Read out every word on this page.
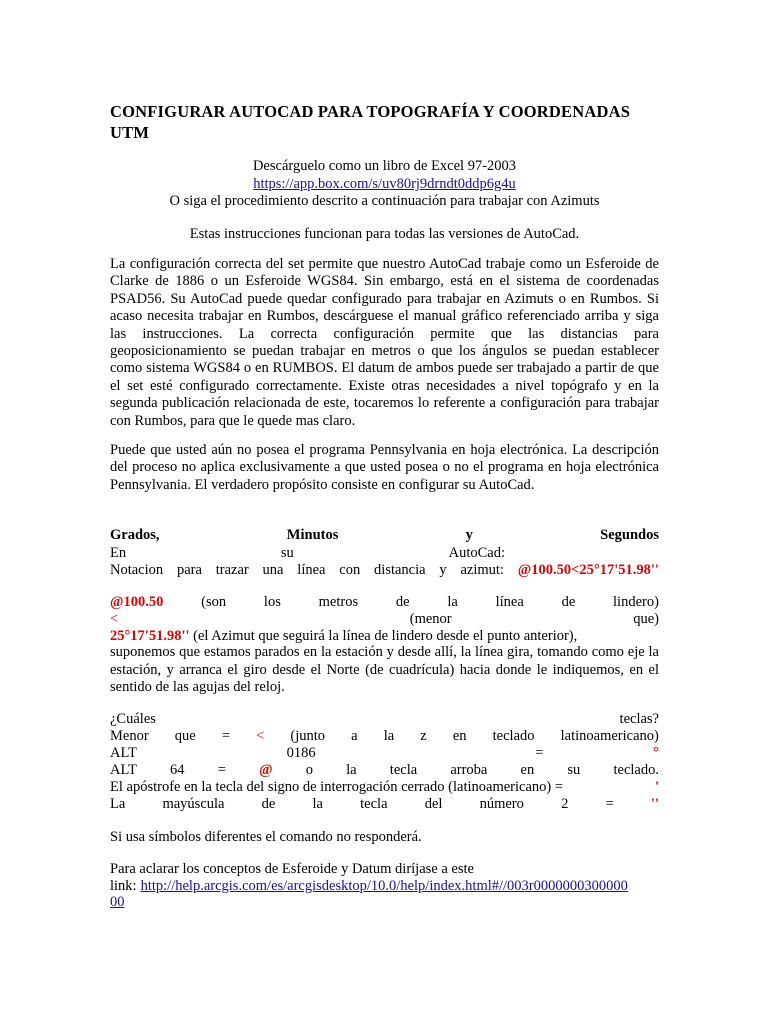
CONFIGURAR AUTOCAD PARA TOPOGRAFÍA Y COORDENADAS UTM
Descárguelo como un libro de Excel 97-2003
https://app.box.com/s/uv80rj9drndt0ddp6g4u
O siga el procedimiento descrito a continuación para trabajar con Azimuts
Estas instrucciones funcionan para todas las versiones de AutoCad.
La configuración correcta del set permite que nuestro AutoCad trabaje como un Esferoide de Clarke de 1886 o un Esferoide WGS84. Sin embargo, está en el sistema de coordenadas PSAD56. Su AutoCad puede quedar configurado para trabajar en Azimuts o en Rumbos. Si acaso necesita trabajar en Rumbos, descárguese el manual gráfico referenciado arriba y siga las instrucciones. La correcta configuración permite que las distancias para geoposicionamiento se puedan trabajar en metros o que los ángulos se puedan establecer como sistema WGS84 o en RUMBOS. El datum de ambos puede ser trabajado a partir de que el set esté configurado correctamente. Existe otras necesidades a nivel topógrafo y en la segunda publicación relacionada de este, tocaremos lo referente a configuración para trabajar con Rumbos, para que le quede mas claro.
Puede que usted aún no posea el programa Pennsylvania en hoja electrónica. La descripción del proceso no aplica exclusivamente a que usted posea o no el programa en hoja electrónica Pennsylvania. El verdadero propósito consiste en configurar su AutoCad.
Grados,	Minutos	y	Segundos
En	su	AutoCad:
Notacion para trazar una línea con distancia y azimut: @100.50<25°17'51.98''
@100.50	(son	los	metros	de	la	línea	de	lindero)
<	(menor	que)
25°17'51.98'' (el Azimut que seguirá la línea de lindero desde el punto anterior),
suponemos que estamos parados en la estación y desde allí, la línea gira, tomando como eje la estación, y arranca el giro desde el Norte (de cuadrícula) hacia donde le indiquemos, en el sentido de las agujas del reloj.
¿Cuáles	teclas?
Menor que = < (junto a la z en teclado latinoamericano)
ALT	0186	=	°
ALT 64 = @ o la tecla arroba en su teclado.
El apóstrofe en la tecla del signo de interrogación cerrado (latinoamericano) =	'
La	mayúscula	de	la	tecla	del	número	2	=	''
Si usa símbolos diferentes el comando no responderá.
Para aclarar los conceptos de Esferoide y Datum diríjase a este
link: http://help.arcgis.com/es/arcgisdesktop/10.0/help/index.html#//003r0000000300000
00
